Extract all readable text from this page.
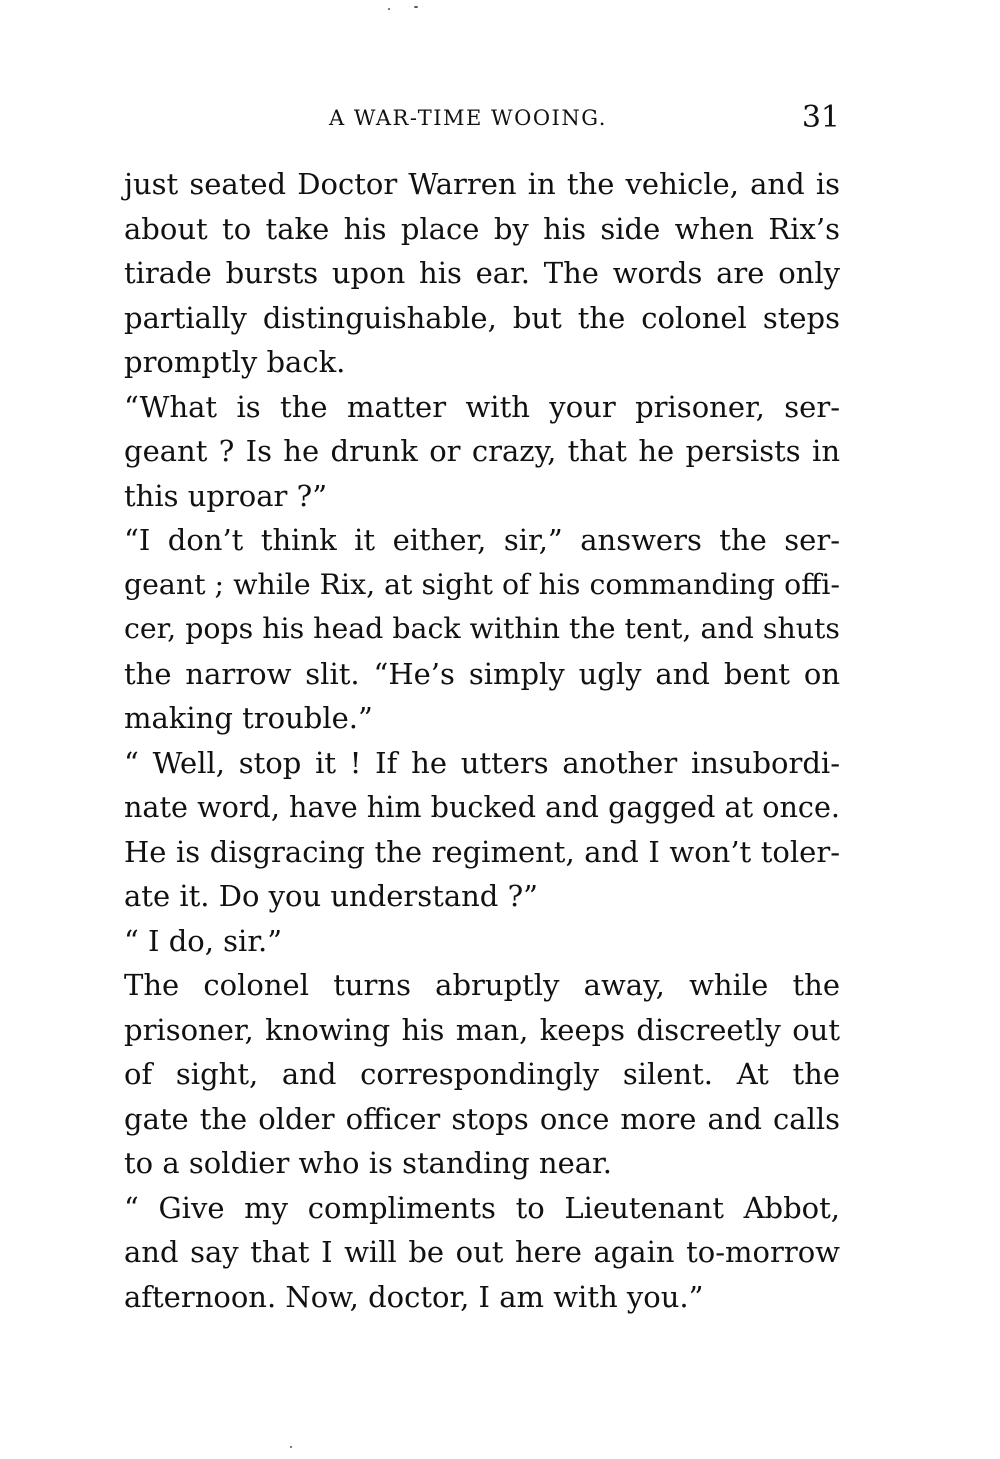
A WAR-TIME WOOING.	31
just seated Doctor Warren in the vehicle, and is
about to take his place by his side when Rix’s
tirade bursts upon his ear. The words are only
partially distinguishable, but the colonel steps
promptly back.
“What is the matter with your prisoner, ser-
geant ? Is he drunk or crazy, that he persists in
this uproar ?”
“I don’t think it either, sir,” answers the ser-
geant ; while Rix, at sight of his commanding offi-
cer, pops his head back within the tent, and shuts
the narrow slit. “He’s simply ugly and bent on
making trouble.”
“ Well, stop it ! If he utters another insubordi-
nate word, have him bucked and gagged at once.
He is disgracing the regiment, and I won’t toler-
ate it. Do you understand ?”
“ I do, sir.”
The colonel turns abruptly away, while the
prisoner, knowing his man, keeps discreetly out
of sight, and correspondingly silent. At the
gate the older officer stops once more and calls
to a soldier who is standing near.
“ Give my compliments to Lieutenant Abbot,
and say that I will be out here again to-morrow
afternoon. Now, doctor, I am with you.”
